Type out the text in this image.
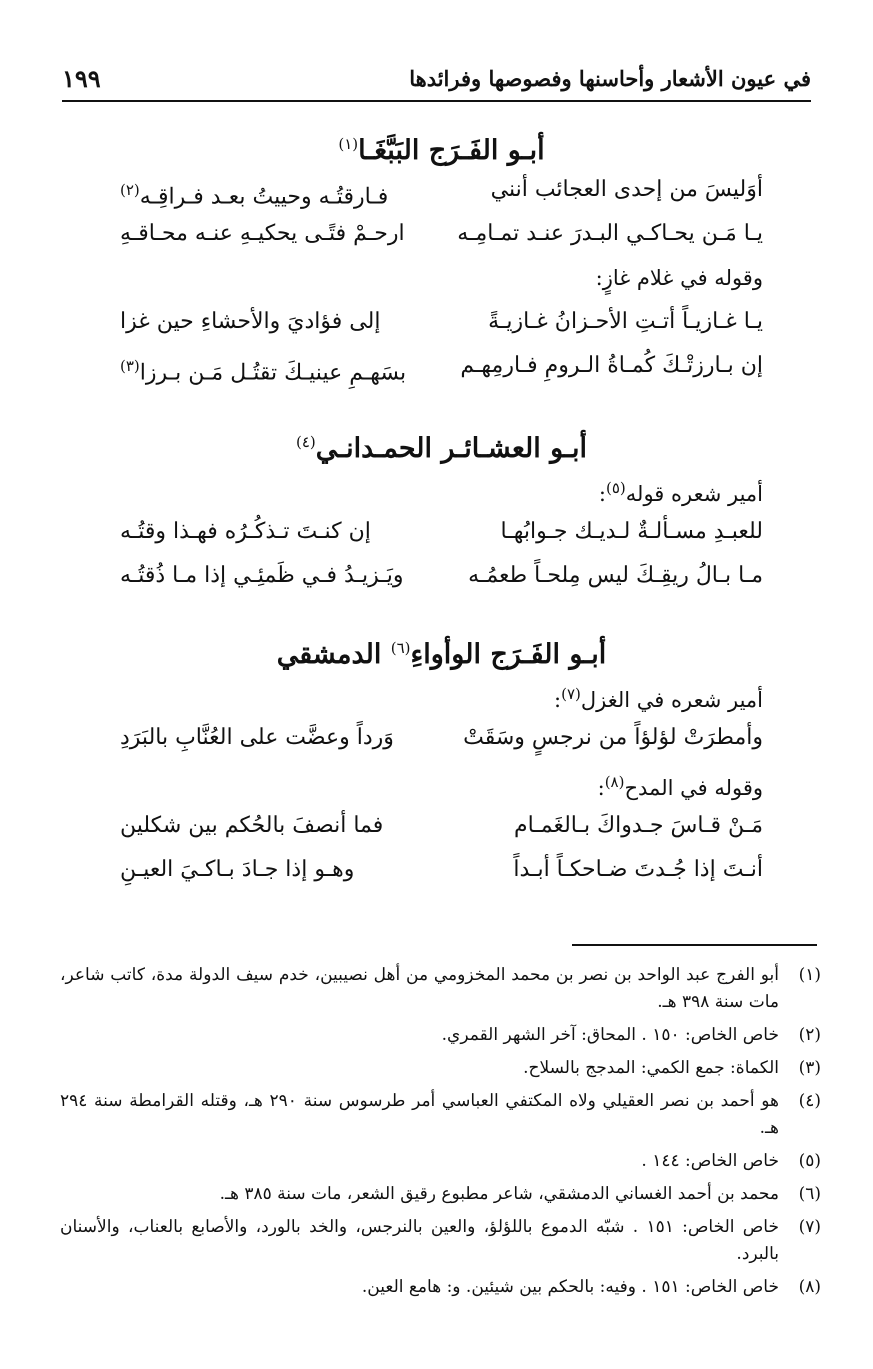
في عيون الأشعار وأحاسنها وفصوصها وفرائدها
١٩٩
أبـو الفَـرَج البَبَّغَـا$^{(١)}$
أوَليسَ من إحدى العجائب أنني
فـارقتُـه وحييتُ بعـد فـراقِـه$^{(٢)}$
يـا مَـن يحـاكـي البـدرَ عنـد تمـامِـه
ارحـمْ فتًـى يحكيـهِ عنـه محـاقـهِ
وقوله في غلام غازٍ:
يـا غـازيـاً أتـتِ الأحـزانُ غـازيـةً
إلى فؤاديَ والأحشاءِ حين غزا
إن بـارزتْـكَ كُمـاةُ الـرومِ فـارمِهـم
بسَهـمِ عينيـكَ تقتُـل مَـن بـرزا$^{(٣)}$
أبـو العشـائـر الحمـدانـي$^{(٤)}$
أمير شعره قوله$^{(٥)}$:
للعبـدِ مسـألـةٌ لـديـك جـوابُهـا
إن كنـتَ تـذكُـرُه فهـذا وقتُـه
مـا بـالُ ريقِـكَ ليس مِلحـاً طعمُـه
ويَـزيـدُ فـي ظَمئِـي إذا مـا ذُقتُـه
أبـو الفَـرَج الوأواءِ$^{(٦)}$ الدمشقي
أمير شعره في الغزل$^{(٧)}$:
وأمطرَتْ لؤلؤاً من نرجسٍ وسَقَتْ
وَرداً وعضَّت على العُنَّابِ بالبَرَدِ
وقوله في المدح$^{(٨)}$:
مَـنْ قـاسَ جـدواكَ بـالغَمـام
فما أنصفَ بالحُكم بين شكلين
أنـتَ إذا جُـدتَ ضـاحكـاً أبـداً
وهـو إذا جـادَ بـاكـيَ العيـنِ
(١)
أبو الفرج عبد الواحد بن نصر بن محمد المخزومي من أهل نصيبين، خدم سيف الدولة مدة، كاتب شاعر، مات سنة ٣٩٨ هـ.
(٢)
خاص الخاص: ١٥٠ . المحاق: آخر الشهر القمري.
(٣)
الكماة: جمع الكمي: المدجج بالسلاح.
(٤)
هو أحمد بن نصر العقيلي ولاه المكتفي العباسي أمر طرسوس سنة ٢٩٠ هـ، وقتله القرامطة سنة ٢٩٤ هـ.
(٥)
خاص الخاص: ١٤٤ .
(٦)
محمد بن أحمد الغساني الدمشقي، شاعر مطبوع رقيق الشعر، مات سنة ٣٨٥ هـ.
(٧)
خاص الخاص: ١٥١ . شبّه الدموع باللؤلؤ، والعين بالنرجس، والخد بالورد، والأصابع بالعناب، والأسنان بالبرد.
(٨)
خاص الخاص: ١٥١ . وفيه: بالحكم بين شيئين. و: هامع العين.
